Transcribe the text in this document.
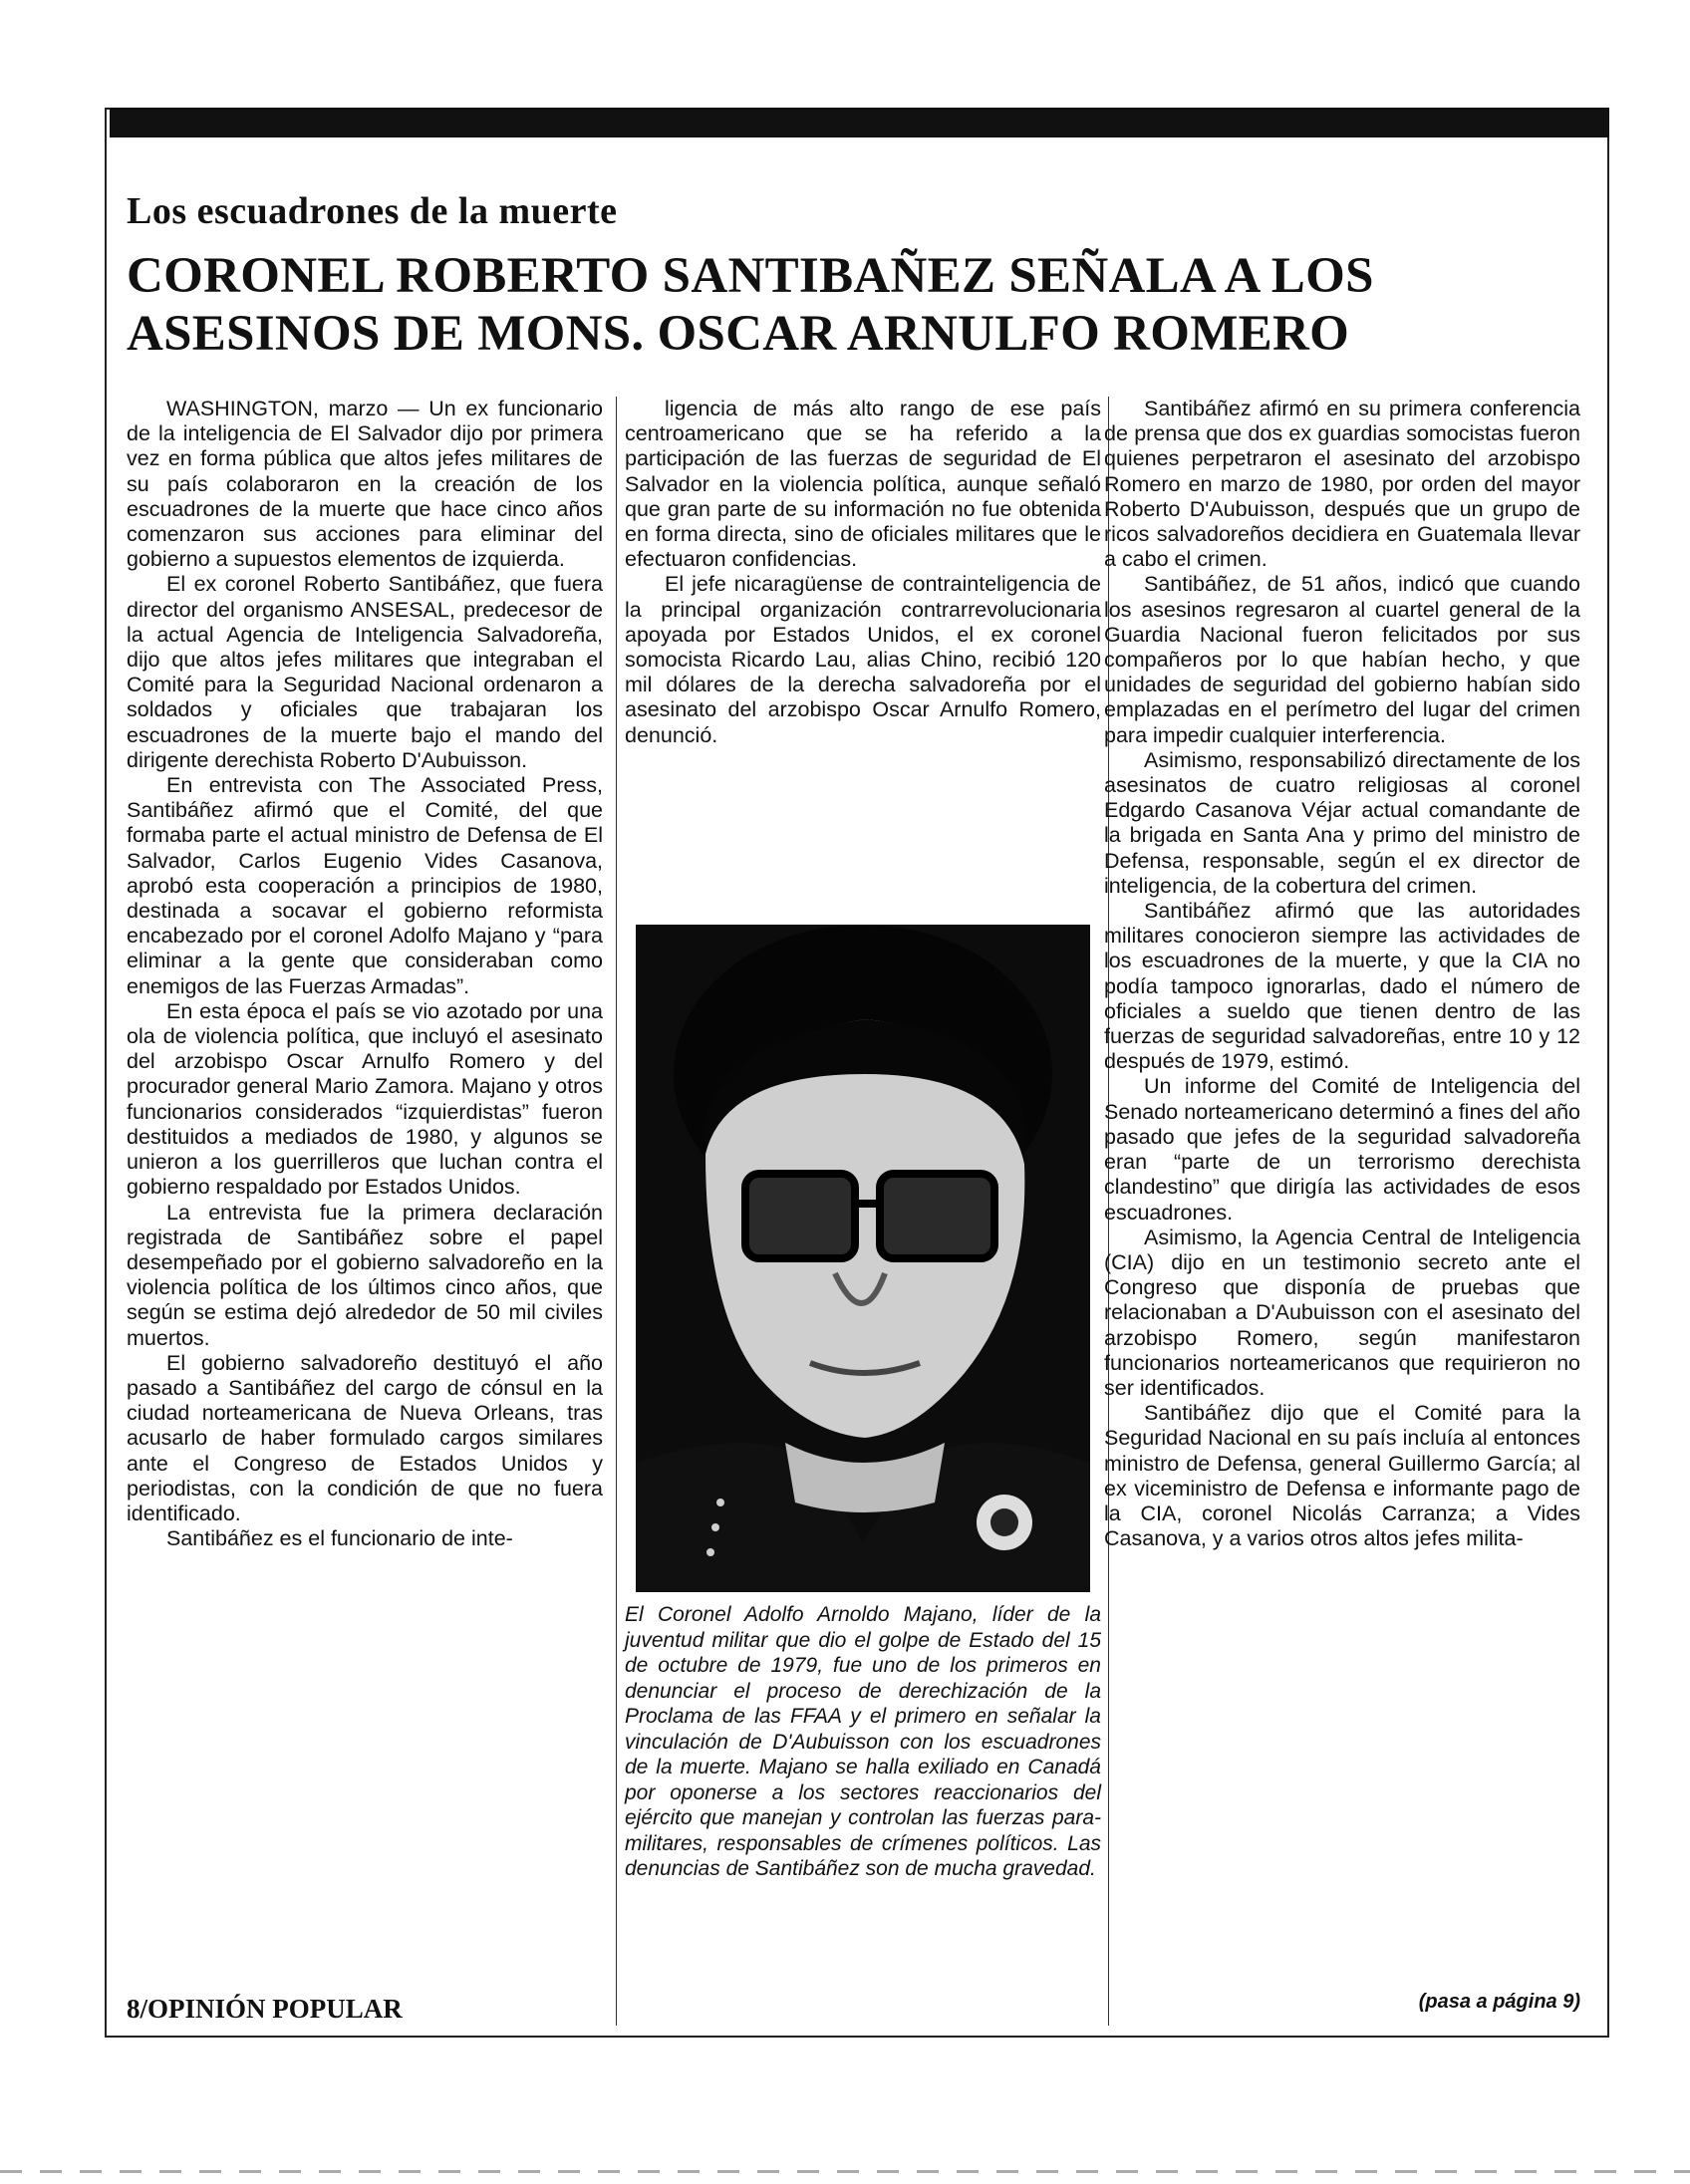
Los escuadrones de la muerte
CORONEL ROBERTO SANTIBAÑEZ SEÑALA A LOS ASESINOS DE MONS. OSCAR ARNULFO ROMERO

WASHINGTON, marzo — Un ex funcionario de la inteligencia de El Salvador dijo por primera vez en forma pública que altos jefes militares de su país colaboraron en la creación de los escuadrones de la muerte que hace cinco años comenzaron sus acciones para eliminar del gobierno a supuestos elementos de izquierda.

El ex coronel Roberto Santibáñez, que fuera director del organismo ANSESAL, predecesor de la actual Agencia de Inteligencia Salvadoreña, dijo que altos jefes militares que integraban el Comité para la Seguridad Nacional ordenaron a soldados y oficiales que trabajaran los escuadrones de la muerte bajo el mando del dirigente derechista Roberto D'Aubuisson.

En entrevista con The Associated Press, Santibáñez afirmó que el Comité, del que formaba parte el actual ministro de Defensa de El Salvador, Carlos Eugenio Vides Casanova, aprobó esta cooperación a principios de 1980, destinada a socavar el gobierno reformista encabezado por el coronel Adolfo Majano y “para eliminar a la gente que consideraban como enemigos de las Fuerzas Armadas”.

En esta época el país se vio azotado por una ola de violencia política, que incluyó el asesinato del arzobispo Oscar Arnulfo Romero y del procurador general Mario Zamora. Majano y otros funcionarios considerados “izquierdistas” fueron destituidos a mediados de 1980, y algunos se unieron a los guerrilleros que luchan contra el gobierno respaldado por Estados Unidos.

La entrevista fue la primera declaración registrada de Santibáñez sobre el papel desempeñado por el gobierno salvadoreño en la violencia política de los últimos cinco años, que según se estima dejó alrededor de 50 mil civiles muertos.

El gobierno salvadoreño destituyó el año pasado a Santibáñez del cargo de cónsul en la ciudad norteamericana de Nueva Orleans, tras acusarlo de haber formulado cargos similares ante el Congreso de Estados Unidos y periodistas, con la condición de que no fuera identificado.

Santibáñez es el funcionario de inte-

ligencia de más alto rango de ese país centroamericano que se ha referido a la participación de las fuerzas de seguridad de El Salvador en la violencia política, aunque señaló que gran parte de su información no fue obtenida en forma directa, sino de oficiales militares que le efectuaron confidencias.

El jefe nicaragüense de contrainteligencia de la principal organización contrarrevolucionaria apoyada por Estados Unidos, el ex coronel somocista Ricardo Lau, alias Chino, recibió 120 mil dólares de la derecha salvadoreña por el asesinato del arzobispo Oscar Arnulfo Romero, denunció.

El Coronel Adolfo Arnoldo Majano, líder de la juventud militar que dio el golpe de Estado del 15 de octubre de 1979, fue uno de los primeros en denunciar el proceso de derechización de la Proclama de las FFAA y el primero en señalar la vinculación de D'Aubuisson con los escuadrones de la muerte. Majano se halla exiliado en Canadá por oponerse a los sectores reaccionarios del ejército que manejan y controlan las fuerzas para-militares, responsables de crímenes políticos. Las denuncias de Santibáñez son de mucha gravedad.

Santibáñez afirmó en su primera conferencia de prensa que dos ex guardias somocistas fueron quienes perpetraron el asesinato del arzobispo Romero en marzo de 1980, por orden del mayor Roberto D'Aubuisson, después que un grupo de ricos salvadoreños decidiera en Guatemala llevar a cabo el crimen.

Santibáñez, de 51 años, indicó que cuando los asesinos regresaron al cuartel general de la Guardia Nacional fueron felicitados por sus compañeros por lo que habían hecho, y que unidades de seguridad del gobierno habían sido emplazadas en el perímetro del lugar del crimen para impedir cualquier interferencia.

Asimismo, responsabilizó directamente de los asesinatos de cuatro religiosas al coronel Edgardo Casanova Véjar actual comandante de la brigada en Santa Ana y primo del ministro de Defensa, responsable, según el ex director de inteligencia, de la cobertura del crimen.

Santibáñez afirmó que las autoridades militares conocieron siempre las actividades de los escuadrones de la muerte, y que la CIA no podía tampoco ignorarlas, dado el número de oficiales a sueldo que tienen dentro de las fuerzas de seguridad salvadoreñas, entre 10 y 12 después de 1979, estimó.

Un informe del Comité de Inteligencia del Senado norteamericano determinó a fines del año pasado que jefes de la seguridad salvadoreña eran “parte de un terrorismo derechista clandestino” que dirigía las actividades de esos escuadrones.

Asimismo, la Agencia Central de Inteligencia (CIA) dijo en un testimonio secreto ante el Congreso que disponía de pruebas que relacionaban a D'Aubuisson con el asesinato del arzobispo Romero, según manifestaron funcionarios norteamericanos que requirieron no ser identificados.

Santibáñez dijo que el Comité para la Seguridad Nacional en su país incluía al entonces ministro de Defensa, general Guillermo García; al ex viceministro de Defensa e informante pago de la CIA, coronel Nicolás Carranza; a Vides Casanova, y a varios otros altos jefes milita-

8/OPINIÓN POPULAR	(pasa a página 9)
